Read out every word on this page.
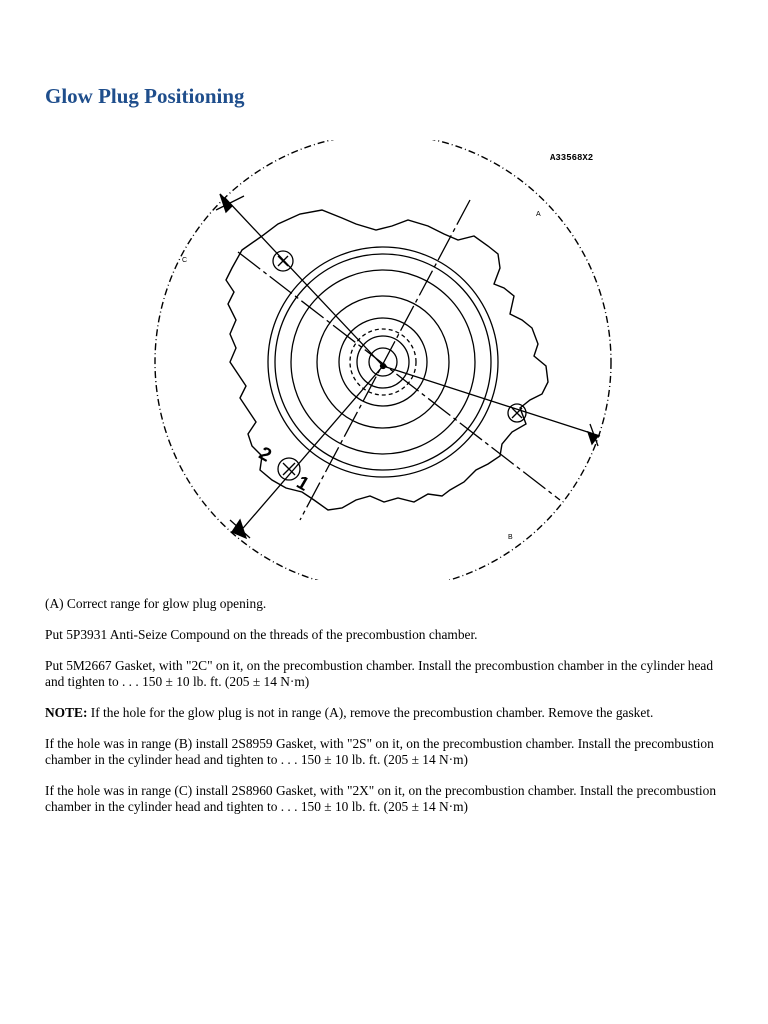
Glow Plug Positioning
A33568X2
A
B
C
2
1

(A) Correct range for glow plug opening.

Put 5P3931 Anti-Seize Compound on the threads of the precombustion chamber.

Put 5M2667 Gasket, with "2C" on it, on the precombustion chamber. Install the precombustion chamber in the cylinder head and tighten to . . . 150 ± 10 lb. ft. (205 ± 14 N·m)

NOTE: If the hole for the glow plug is not in range (A), remove the precombustion chamber. Remove the gasket.

If the hole was in range (B) install 2S8959 Gasket, with "2S" on it, on the precombustion chamber. Install the precombustion chamber in the cylinder head and tighten to . . . 150 ± 10 lb. ft. (205 ± 14 N·m)

If the hole was in range (C) install 2S8960 Gasket, with "2X" on it, on the precombustion chamber. Install the precombustion chamber in the cylinder head and tighten to . . . 150 ± 10 lb. ft. (205 ± 14 N·m)
